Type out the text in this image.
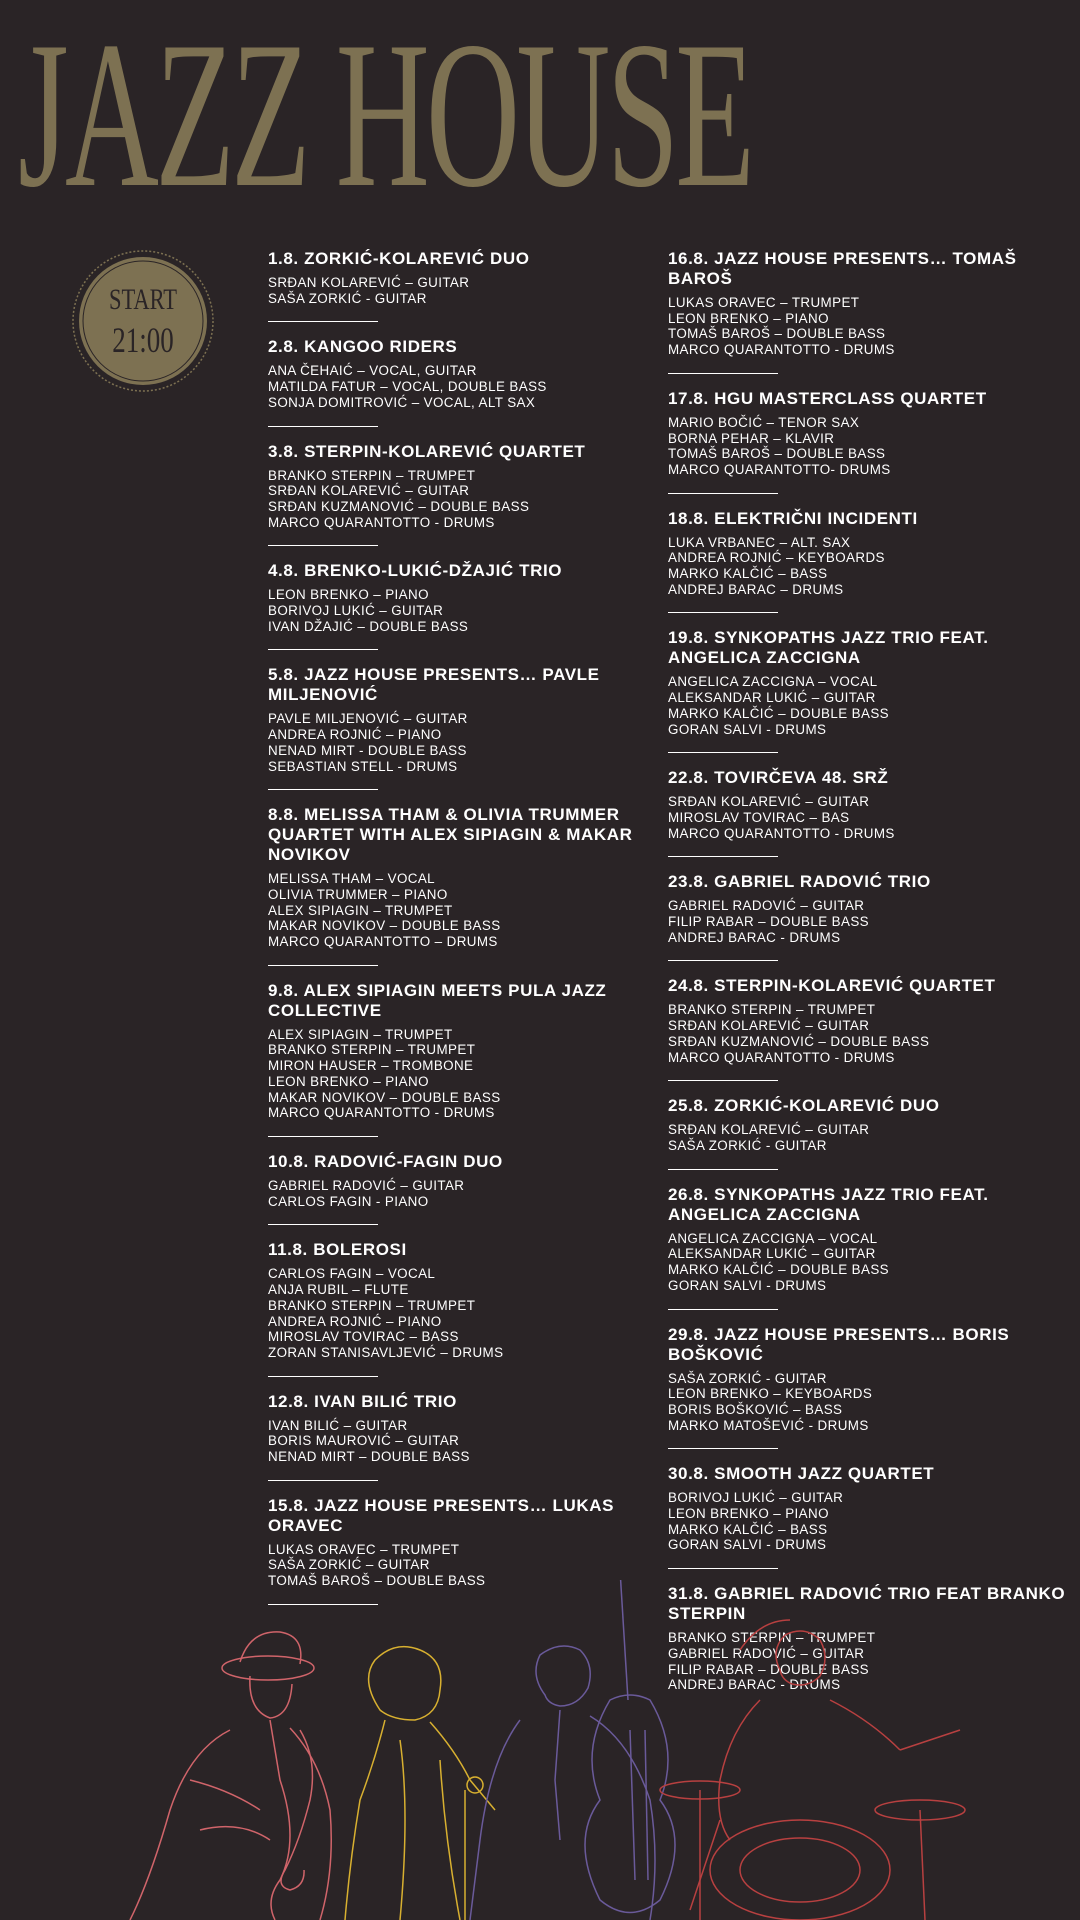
JAZZ HOUSE
START
21:00
1.8. ZORKIĆ-KOLAREVIĆ DUO
SRĐAN KOLAREVIĆ – GUITAR
SAŠA ZORKIĆ - GUITAR
2.8. KANGOO RIDERS
ANA ČEHAIĆ – VOCAL, GUITAR
MATILDA FATUR – VOCAL, DOUBLE BASS
SONJA DOMITROVIĆ – VOCAL, ALT SAX
3.8. STERPIN-KOLAREVIĆ QUARTET
BRANKO STERPIN – TRUMPET
SRĐAN KOLAREVIĆ – GUITAR
SRĐAN KUZMANOVIĆ – DOUBLE BASS
MARCO QUARANTOTTO - DRUMS
4.8. BRENKO-LUKIĆ-DŽAJIĆ TRIO
LEON BRENKO – PIANO
BORIVOJ LUKIĆ – GUITAR
IVAN DŽAJIĆ – DOUBLE BASS
5.8. JAZZ HOUSE PRESENTS… PAVLE MILJENOVIĆ
PAVLE MILJENOVIĆ – GUITAR
ANDREA ROJNIĆ – PIANO
NENAD MIRT - DOUBLE BASS
SEBASTIAN STELL - DRUMS
8.8. MELISSA THAM & OLIVIA TRUMMER QUARTET WITH ALEX SIPIAGIN & MAKAR NOVIKOV
MELISSA THAM – VOCAL
OLIVIA TRUMMER – PIANO
ALEX SIPIAGIN – TRUMPET
MAKAR NOVIKOV – DOUBLE BASS
MARCO QUARANTOTTO – DRUMS
9.8. ALEX SIPIAGIN MEETS PULA JAZZ COLLECTIVE
ALEX SIPIAGIN – TRUMPET
BRANKO STERPIN – TRUMPET
MIRON HAUSER – TROMBONE
LEON BRENKO – PIANO
MAKAR NOVIKOV – DOUBLE BASS
MARCO QUARANTOTTO - DRUMS
10.8. RADOVIĆ-FAGIN DUO
GABRIEL RADOVIĆ – GUITAR
CARLOS FAGIN - PIANO
11.8. BOLEROSI
CARLOS FAGIN – VOCAL
ANJA RUBIL – FLUTE
BRANKO STERPIN – TRUMPET
ANDREA ROJNIĆ – PIANO
MIROSLAV TOVIRAC – BASS
ZORAN STANISAVLJEVIĆ – DRUMS
12.8. IVAN BILIĆ TRIO
IVAN BILIĆ – GUITAR
BORIS MAUROVIĆ – GUITAR
NENAD MIRT – DOUBLE BASS
15.8. JAZZ HOUSE PRESENTS… LUKAS ORAVEC
LUKAS ORAVEC – TRUMPET
SAŠA ZORKIĆ – GUITAR
TOMAŠ BAROŠ – DOUBLE BASS
16.8. JAZZ HOUSE PRESENTS… TOMAŠ BAROŠ
LUKAS ORAVEC – TRUMPET
LEON BRENKO – PIANO
TOMAŠ BAROŠ – DOUBLE BASS
MARCO QUARANTOTTO - DRUMS
17.8. HGU MASTERCLASS QUARTET
MARIO BOČIĆ – TENOR SAX
BORNA PEHAR – KLAVIR
TOMAŠ BAROŠ – DOUBLE BASS
MARCO QUARANTOTTO- DRUMS
18.8. ELEKTRIČNI INCIDENTI
LUKA VRBANEC – ALT. SAX
ANDREA ROJNIĆ – KEYBOARDS
MARKO KALČIĆ – BASS
ANDREJ BARAC – DRUMS
19.8. SYNKOPATHS JAZZ TRIO FEAT. ANGELICA ZACCIGNA
ANGELICA ZACCIGNA – VOCAL
ALEKSANDAR LUKIĆ – GUITAR
MARKO KALČIĆ – DOUBLE BASS
GORAN SALVI - DRUMS
22.8. TOVIRČEVA 48. SRŽ
SRĐAN KOLAREVIĆ – GUITAR
MIROSLAV TOVIRAC – BAS
MARCO QUARANTOTTO - DRUMS
23.8. GABRIEL RADOVIĆ TRIO
GABRIEL RADOVIĆ – GUITAR
FILIP RABAR – DOUBLE BASS
ANDREJ BARAC - DRUMS
24.8. STERPIN-KOLAREVIĆ QUARTET
BRANKO STERPIN – TRUMPET
SRĐAN KOLAREVIĆ – GUITAR
SRĐAN KUZMANOVIĆ – DOUBLE BASS
MARCO QUARANTOTTO - DRUMS
25.8. ZORKIĆ-KOLAREVIĆ DUO
SRĐAN KOLAREVIĆ – GUITAR
SAŠA ZORKIĆ - GUITAR
26.8. SYNKOPATHS JAZZ TRIO FEAT. ANGELICA ZACCIGNA
ANGELICA ZACCIGNA – VOCAL
ALEKSANDAR LUKIĆ – GUITAR
MARKO KALČIĆ – DOUBLE BASS
GORAN SALVI - DRUMS
29.8. JAZZ HOUSE PRESENTS… BORIS BOŠKOVIĆ
SAŠA ZORKIĆ - GUITAR
LEON BRENKO – KEYBOARDS
BORIS BOŠKOVIĆ – BASS
MARKO MATOŠEVIĆ - DRUMS
30.8. SMOOTH JAZZ QUARTET
BORIVOJ LUKIĆ – GUITAR
LEON BRENKO – PIANO
MARKO KALČIĆ – BASS
GORAN SALVI - DRUMS
31.8. GABRIEL RADOVIĆ TRIO FEAT BRANKO STERPIN
BRANKO STERPIN – TRUMPET
GABRIEL RADOVIĆ – GUITAR
FILIP RABAR – DOUBLE BASS
ANDREJ BARAC - DRUMS
